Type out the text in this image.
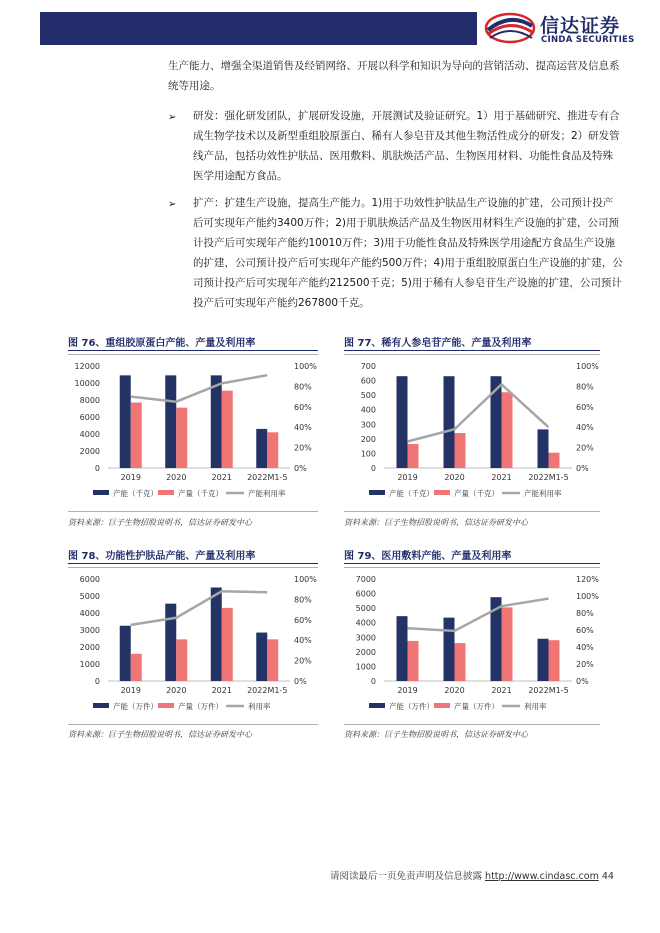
信达证券
CINDA SECURITIES
生产能力、增强全渠道销售及经销网络、开展以科学和知识为导向的营销活动、提高运营及信息系统等用途。
➢ 研发：强化研发团队，扩展研发设施，开展测试及验证研究。1）用于基础研究、推进专有合成生物学技术以及新型重组胶原蛋白、稀有人参皂苷及其他生物活性成分的研发；2）研发管线产品，包括功效性护肤品、医用敷料、肌肤焕活产品、生物医用材料、功能性食品及特殊医学用途配方食品。
➢ 扩产：扩建生产设施，提高生产能力。1)用于功效性护肤品生产设施的扩建，公司预计投产后可实现年产能约3400万件；2)用于肌肤焕活产品及生物医用材料生产设施的扩建，公司预计投产后可实现年产能约10010万件；3)用于功能性食品及特殊医学用途配方食品生产设施的扩建，公司预计投产后可实现年产能约500万件；4)用于重组胶原蛋白生产设施的扩建，公司预计投产后可实现年产能约212500千克；5)用于稀有人参皂苷生产设施的扩建，公司预计投产后可实现年产能约267800千克。
图 76、重组胶原蛋白产能、产量及利用率	图 77、稀有人参皂苷产能、产量及利用率
0
2000
4000
6000
8000
10000
12000
0%
20%
40%
60%
80%
100%
2019	2020	2021 2022M1-5
产能（千克）	产量（千克）	产能利用率
0
100
200
300
400
500
600
700
0%
20%
40%
60%
80%
100%
2019	2020	2021 2022M1-5
产能（千克）	产量（千克）	产能利用率
资料来源：巨子生物招股说明书，信达证券研发中心	资料来源：巨子生物招股说明书，信达证券研发中心
图 78、功能性护肤品产能、产量及利用率	图 79、医用敷料产能、产量及利用率
0
1000
2000
3000
4000
5000
6000
0%
20%
40%
60%
80%
100%
2019	2020	2021 2022M1-5
产能（万件）	产量（万件）	利用率
0
1000
2000
3000
4000
5000
6000
7000
0%
20%
40%
60%
80%
100%
120%
2019	2020	2021 2022M1-5
产能（万件）	产量（万件）	利用率
资料来源：巨子生物招股说明书，信达证券研发中心	资料来源：巨子生物招股说明书，信达证券研发中心
请阅读最后一页免责声明及信息披露 http://www.cindasc.com 44
